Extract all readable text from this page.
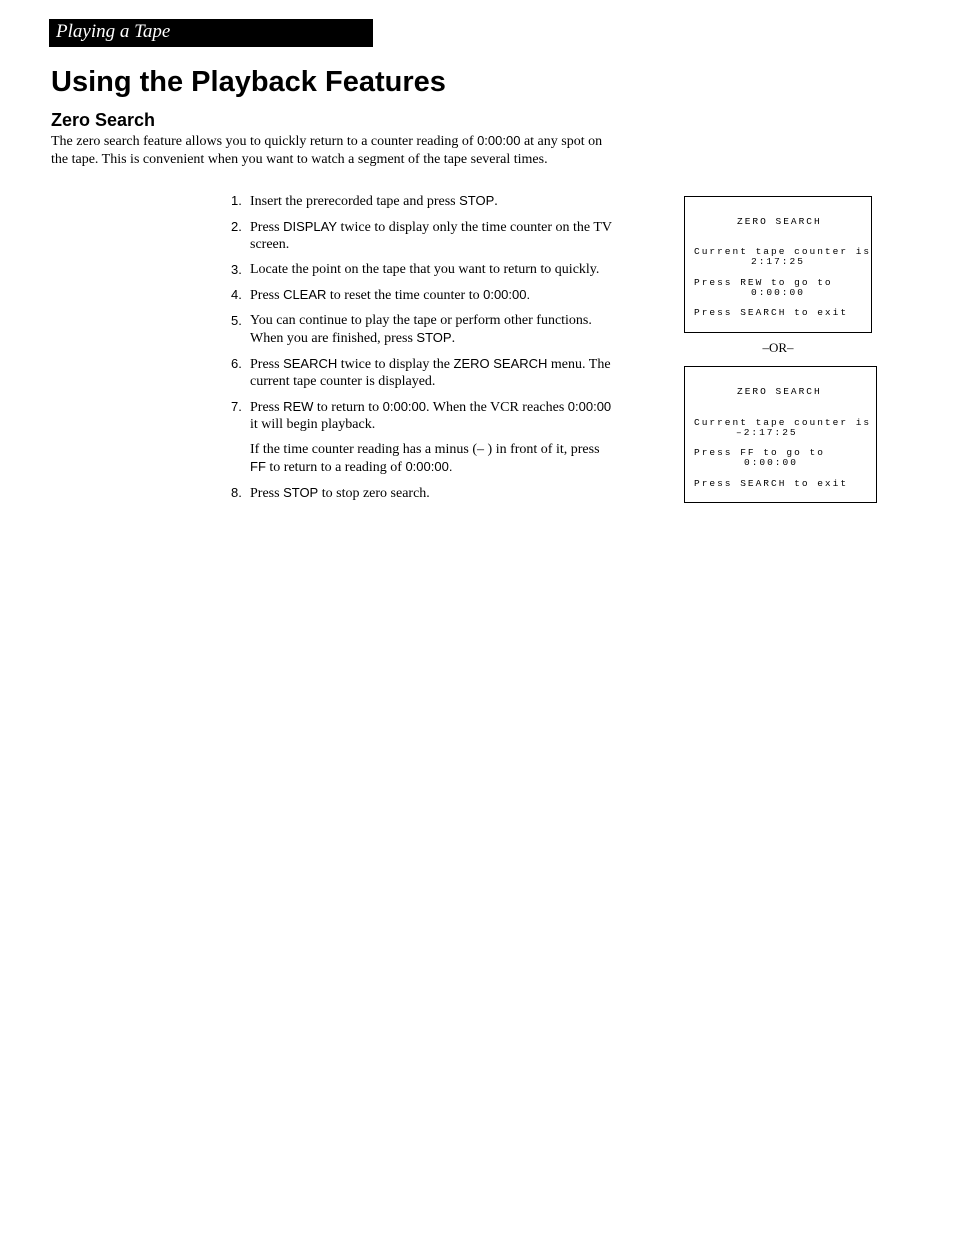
Playing a Tape
Using the Playback Features
Zero Search

The zero search feature allows you to quickly return to a counter reading of 0:00:00 at any spot on the tape. This is convenient when you want to watch a segment of the tape several times.

1. Insert the prerecorded tape and press STOP.

2. Press DISPLAY twice to display only the time counter on the TV screen.

3. Locate the point on the tape that you want to return to quickly.

4. Press CLEAR to reset the time counter to 0:00:00.

5. You can continue to play the tape or perform other functions. When you are finished, press STOP.

6. Press SEARCH twice to display the ZERO SEARCH menu. The current tape counter is displayed.

7. Press REW to return to 0:00:00. When the VCR reaches 0:00:00 it will begin playback.

If the time counter reading has a minus (– ) in front of it, press FF to return to a reading of 0:00:00.

8. Press STOP to stop zero search.

ZERO SEARCH
Current tape counter is
2:17:25
Press REW to go to
0:00:00
Press SEARCH to exit
–OR–
ZERO SEARCH
Current tape counter is
–2:17:25
Press FF to go to
0:00:00
Press SEARCH to exit
